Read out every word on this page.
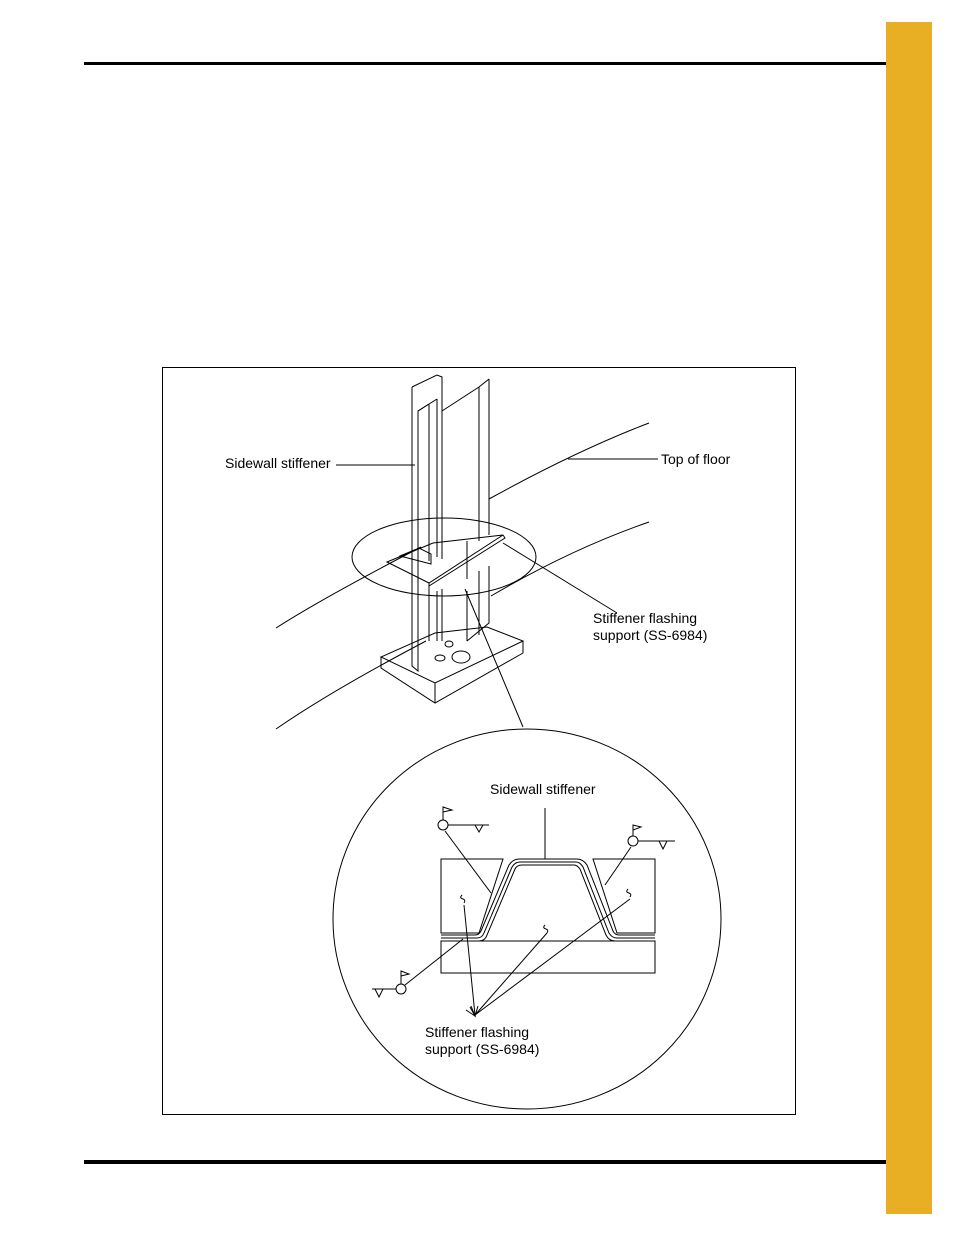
Sidewall stiffener	Top of floor
Stiffener flashing
support (SS-6984)
Sidewall stiffener
Stiffener flashing
support (SS-6984)
